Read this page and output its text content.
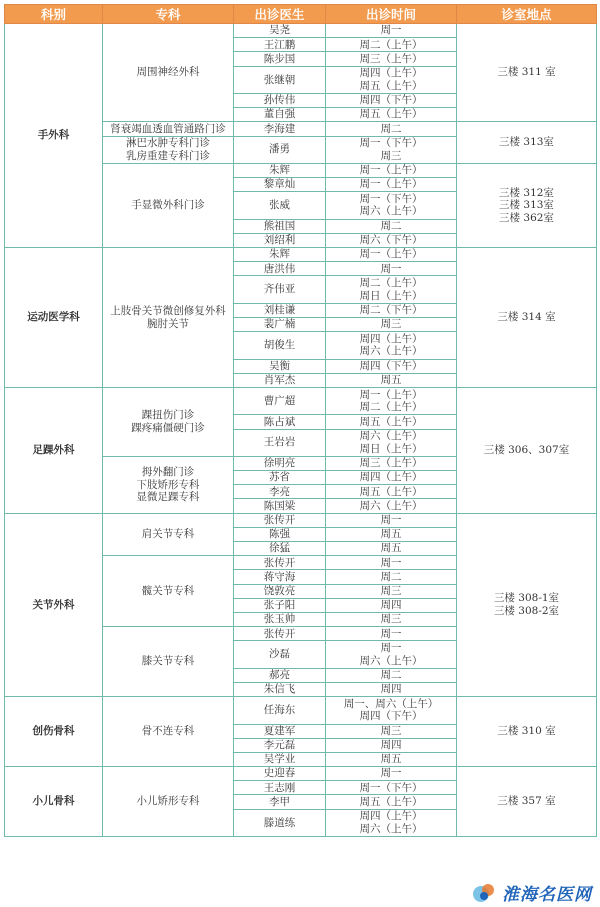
科别	专科	出诊医生	出诊时间	诊室地点
手外科	周围神经外科	吴尧	周一	三楼 311 室

		王江鹏	周二（上午）	

		陈步国	周三（上午）	

		张继朝	周四（上午）
周五（上午）	

		孙传伟	周四（下午）	

		董自强	周五（上午）	

	肾衰竭血透血管通路门诊	李海建	周二	三楼 313室

	淋巴水肿专科门诊
乳房重建专科门诊	潘勇	周一（下午）
周三	

	手显微外科门诊	朱辉	周一（上午）	三楼 312室
三楼 313室
三楼 362室

		黎章灿	周一（上午）	

		张威	周一（下午）
周六（上午）	

		熊祖国	周二	

		刘绍利	周六（下午）	

运动医学科	上肢骨关节微创修复外科
腕肘关节	朱辉	周一（上午）	三楼 314 室

		唐洪伟	周一	

		齐伟亚	周二（上午）
周日（上午）	

		刘桂谦	周二（下午）	

		裴广楠	周三	

		胡俊生	周四（上午）
周六（上午）	

		吴衡	周四（下午）	

		肖军杰	周五	

足踝外科	踝扭伤门诊
踝疼痛僵硬门诊	曹广超	周一（上午）
周二（上午）	三楼 306、307室

		陈占斌	周五（上午）	

		王岩岩	周六（上午）
周日（上午）	

	拇外翻门诊
下肢矫形专科
显微足踝专科	徐明亮	周三（上午）	

		苏省	周四（上午）	

		李亮	周五（上午）	

		陈国梁	周六（上午）	

关节外科	肩关节专科	张传开	周一	三楼 308-1室
三楼 308-2室

		陈强	周五	

		徐猛	周五	

	髋关节专科	张传开	周一	

		蒋守海	周二	

		饶敦亮	周三	

		张子阳	周四	

		张玉帅	周三	

	膝关节专科	张传开	周一	

		沙磊	周一
周六（上午）	

		郝亮	周二	

		朱信飞	周四	

创伤骨科	骨不连专科	任海东	周一、周六（上午）
周四（下午）	三楼 310 室

		夏建军	周三	

		李元磊	周四	

		吴学业	周五	

小儿骨科	小儿矫形专科	史迎春	周一	三楼 357 室

		王志刚	周一（下午）	

		李甲	周五（上午）	

		滕道练	周四（上午）
周六（上午）	
淮海名医网
